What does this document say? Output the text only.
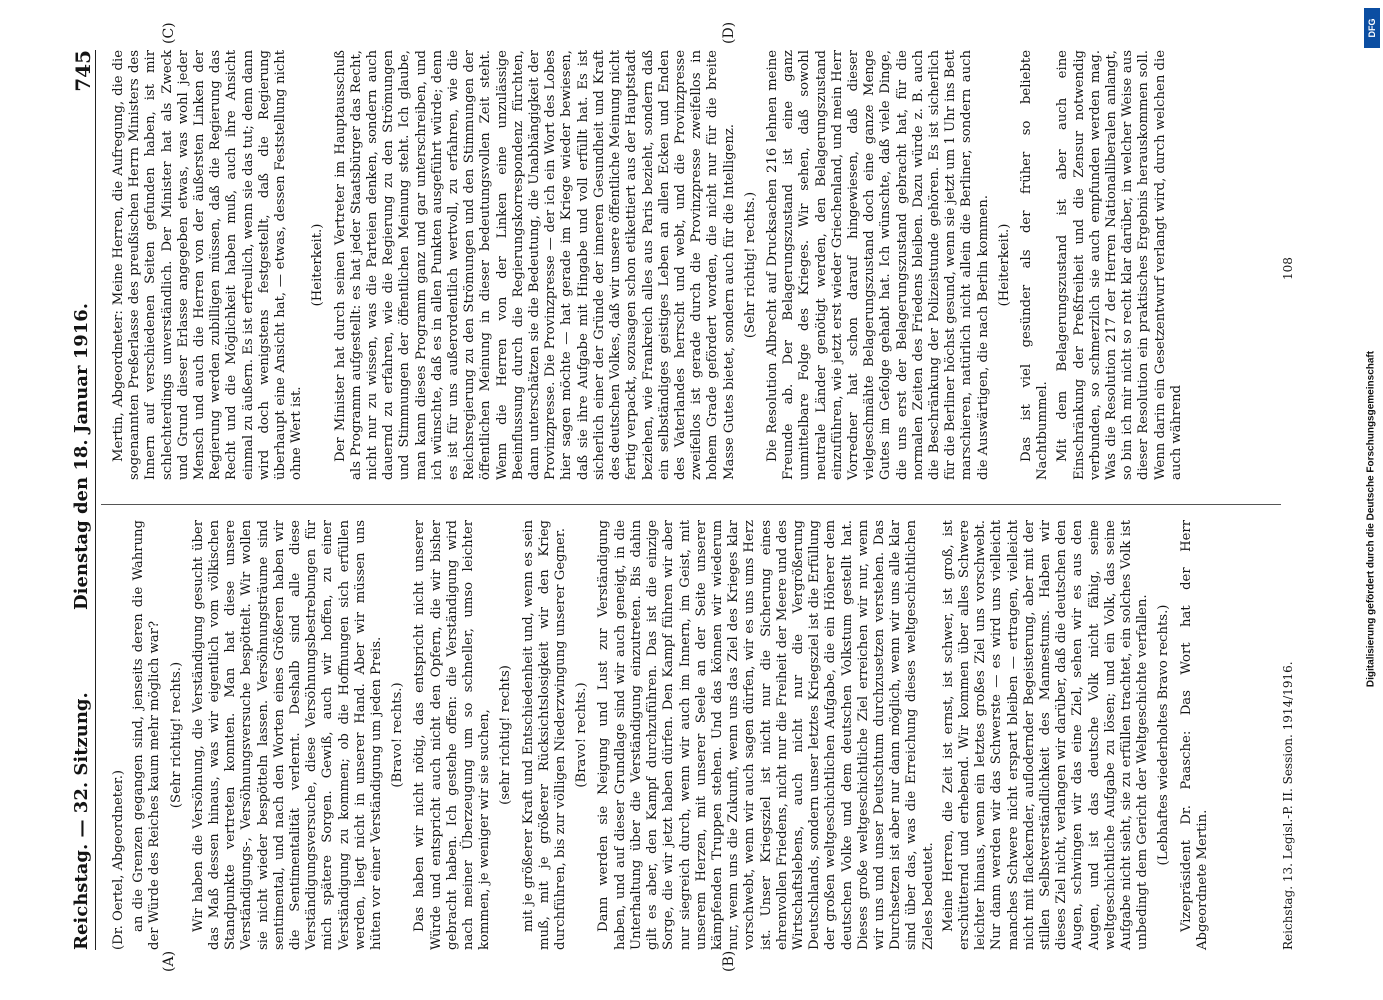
Reichstag. — 32. Sitzung.
Dienstag den 18. Januar 1916.
745
(A)	(B)
(C)	(D)

(Dr. Oertel, Abgeordneter.) an die Grenzen gegangen sind, jenseits deren die Wahrung der Würde des Reiches kaum mehr möglich war? (Sehr richtig! rechts.) Wir haben die Versöhnung, die Verständigung gesucht über das Maß dessen hinaus, was wir eigentlich vom völkischen Standpunkte vertreten konnten. Man hat diese unsere Verständigungs-, Versöhnungsversuche bespöttelt. Wir wollen sie nicht wieder bespötteln lassen. Versöhnungsträume sind sentimental, und nach den Worten eines Größeren haben wir die Sentimentalität verlernt. Deshalb sind alle diese Verständigungsversuche, diese Versöhnungsbestrebungen für mich spätere Sorgen. Gewiß, auch wir hoffen, zu einer Verständigung zu kommen; ob die Hoffnungen sich erfüllen werden, liegt nicht in unserer Hand. Aber wir müssen uns hüten vor einer Verständigung um jeden Preis. (Bravo! rechts.) Das haben wir nicht nötig, das entspricht nicht unserer Würde und entspricht auch nicht den Opfern, die wir bisher gebracht haben. Ich gestehe offen: die Verständigung wird nach meiner Überzeugung um so schneller, umso leichter kommen, je weniger wir sie suchen, (sehr richtig! rechts) mit je größerer Kraft und Entschiedenheit und, wenn es sein muß, mit je größerer Rücksichtslosigkeit wir den Krieg durchführen, bis zur völligen Niederzwingung unserer Gegner. (Bravo! rechts.) Dann werden sie Neigung und Lust zur Verständigung haben, und auf dieser Grundlage sind wir auch geneigt, in die Unterhaltung über die Verständigung einzutreten. Bis dahin gilt es aber, den Kampf durchzuführen. Das ist die einzige Sorge, die wir jetzt haben dürfen. Den Kampf führen wir aber nur siegreich durch, wenn wir auch im Innern, im Geist, mit unserem Herzen, mit unserer Seele an der Seite unserer kämpfenden Truppen stehen. Und das können wir wiederum nur, wenn uns die Zukunft, wenn uns das Ziel des Krieges klar vorschwebt, wenn wir auch sagen dürfen, wir es uns ums Herz ist. Unser Kriegsziel ist nicht nur die Sicherung eines ehrenvollen Friedens, nicht nur die Freiheit der Meere und des Wirtschaftslebens, auch nicht nur die Vergrößerung Deutschlands, sondern unser letztes Kriegsziel ist die Erfüllung der großen weltgeschichtlichen Aufgabe, die ein Höherer dem deutschen Volke und dem deutschen Volkstum gestellt hat. Dieses große weltgeschichtliche Ziel erreichen wir nur, wenn wir uns und unser Deutschtum durchzusetzen verstehen. Das Durchsetzen ist aber nur dann möglich, wenn wir uns alle klar sind über das, was die Erreichung dieses weltgeschichtlichen Zieles bedeutet. Meine Herren, die Zeit ist ernst, ist schwer, ist groß, ist erschütternd und erhebend. Wir kommen über alles Schwere leichter hinaus, wenn ein letztes großes Ziel uns vorschwebt. Nur dann werden wir das Schwerste — es wird uns vielleicht manches Schwere nicht erspart bleiben — ertragen, vielleicht nicht mit flackernder, auflodernder Begeisterung, aber mit der stillen Selbstverständlichkeit des Mannestums. Haben wir dieses Ziel nicht, verlangen wir darüber, daß die deutschen den Augen, schwingen wir das eine Ziel, sehen wir es aus den Augen, und ist das deutsche Volk nicht fähig, seine weltgeschichtliche Aufgabe zu lösen; und ein Volk, das seine Aufgabe nicht sieht, sie zu erfüllen trachtet, ein solches Volk ist unbedingt dem Gericht der Weltgeschichte verfallen. (Lebhaftes wiederholtes Bravo rechts.) Vizepräsident Dr. Paasche: Das Wort hat der Herr Abgeordnete Mertin.

Mertin, Abgeordneter: Meine Herren, die Aufregung, die die sogenannten Preßerlasse des preußischen Herrn Ministers des Innern auf verschiedenen Seiten gefunden haben, ist mir schlechterdings unverständlich. Der Minister hat als Zweck und Grund dieser Erlasse angegeben etwas, was wohl jeder Mensch und auch die Herren von der äußersten Linken der Regierung werden zubilligen müssen, daß die Regierung das Recht und die Möglichkeit haben muß, auch ihre Ansicht einmal zu äußern. Es ist erfreulich, wenn sie das tut; denn dann wird doch wenigstens festgestellt, daß die Regierung überhaupt eine Ansicht hat, — etwas, dessen Feststellung nicht ohne Wert ist.

(Heiterkeit.) Der Minister hat durch seinen Vertreter im Hauptausschuß als Programm aufgestellt: es hat jeder Staatsbürger das Recht, nicht nur zu wissen, was die Parteien denken, sondern auch dauernd zu erfahren, wie die Regierung zu den Strömungen und Stimmungen der öffentlichen Meinung steht. Ich glaube, man kann dieses Programm ganz und gar unterschreiben, und ich wünschte, daß es in allen Punkten ausgeführt würde; denn es ist für uns außerordentlich wertvoll, zu erfahren, wie die Reichsregierung zu den Strömungen und den Stimmungen der öffentlichen Meinung in dieser bedeutungsvollen Zeit steht. Wenn die Herren von der Linken eine unzulässige Beeinflussung durch die Regierungskorrespondenz fürchten, dann unterschätzen sie die Bedeutung, die Unabhängigkeit der Provinzpresse. Die Provinzpresse — der ich ein Wort des Lobes hier sagen möchte — hat gerade im Kriege wieder bewiesen, daß sie ihre Aufgabe mit Hingabe und voll erfüllt hat. Es ist sicherlich einer der Gründe der inneren Gesundheit und Kraft des deutschen Volkes, daß wir unsere öffentliche Meinung nicht fertig verpackt, sozusagen schon etikettiert aus der Hauptstadt beziehen, wie Frankreich alles aus Paris bezieht, sondern daß ein selbständiges geistiges Leben an allen Ecken und Enden des Vaterlandes herrscht und webt, und die Provinzpresse zweifellos ist gerade durch die Provinzpresse zweifellos in hohem Grade gefördert worden, die nicht nur für die breite Masse Gutes bietet, sondern auch für die Intelligenz. (Sehr richtig! rechts.) Die Resolution Albrecht auf Drucksachen 216 lehnen meine Freunde ab. Der Belagerungszustand ist eine ganz unmittelbare Folge des Krieges. Wir sehen, daß sowohl neutrale Länder genötigt werden, den Belagerungszustand einzuführen, wie jetzt erst wieder Griechenland, und mein Herr Vorredner hat schon darauf hingewiesen, daß dieser vielgeschmähte Belagerungszustand doch eine ganze Menge Gutes im Gefolge gehabt hat. Ich wünschte, daß viele Dinge, die uns erst der Belagerungszustand gebracht hat, für die normalen Zeiten des Friedens bleiben. Dazu würde z. B. auch die Beschränkung der Polizeistunde gehören. Es ist sicherlich für die Berliner höchst gesund, wenn sie jetzt um 1 Uhr ins Bett marschieren, natürlich nicht allein die Berliner, sondern auch die Auswärtigen, die nach Berlin kommen. (Heiterkeit.) Das ist viel gesünder als der früher so beliebte Nachtbummel. Mit dem Belagerungszustand ist aber auch eine Einschränkung der Preßfreiheit und die Zensur notwendig verbunden, so schmerzlich sie auch empfunden werden mag. Was die Resolution 217 der Herren Nationalliberalen anlangt, so bin ich mir nicht so recht klar darüber, in welcher Weise aus dieser Resolution ein praktisches Ergebnis herauskommen soll. Wenn darin ein Gesetzentwurf verlangt wird, durch welchen die auch während

Reichstag. 13. Legisl.-P. II. Session. 1914/1916.
108
DFG
Digitalisierung gefördert durch die Deutsche Forschungsgemeinschaft
